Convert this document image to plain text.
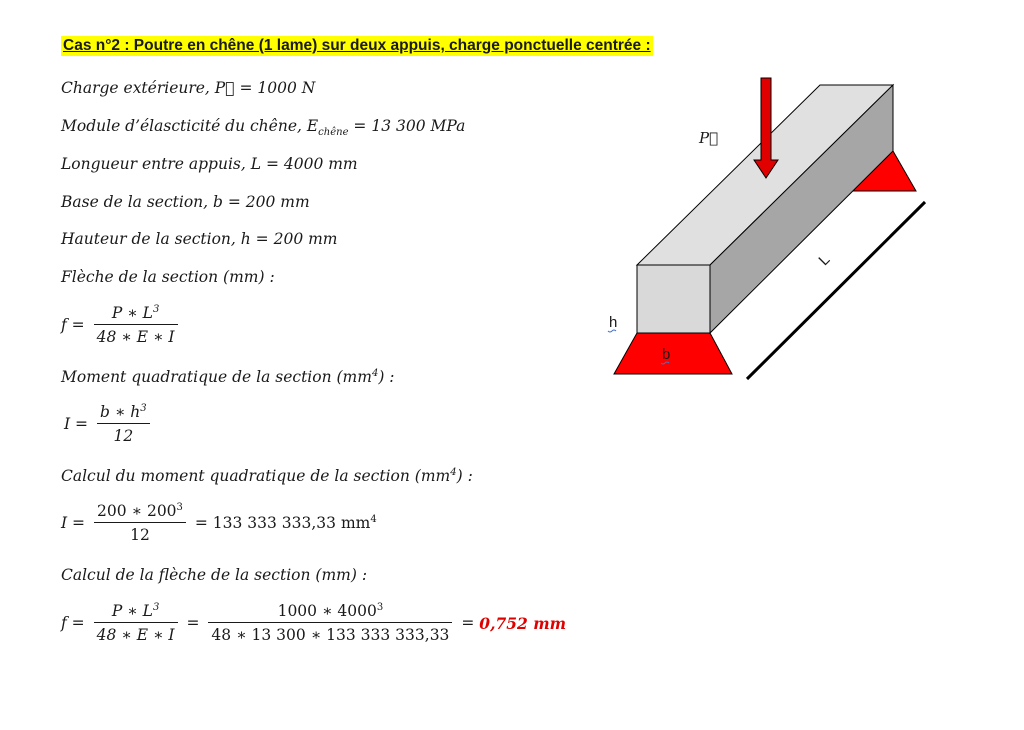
Cas n°2 : Poutre en chêne (1 lame) sur deux appuis, charge ponctuelle centrée :
Charge extérieure, P⃗ = 1000 N
Module d’élascticité du chêne, $E_{chêne} = 13$ 300 MPa
Longueur entre appuis, L = 4000 mm
Base de la section, b = 200 mm
Hauteur de la section, h = 200 mm
Flèche de la section (mm) :
$f = \frac{P ∗ L^3}{48 ∗ E ∗ I}$
Moment quadratique de la section $(mm^4)$ :
$I = \frac{b ∗ h^3}{12}$
Calcul du moment quadratique de la section $(mm^4)$ :
$I = \frac{200 ∗ 200^3}{12} = 133$ 333 333,33 $mm^4$
Calcul de la flèche de la section (mm) :
$f = \frac{P ∗ L^3}{48 ∗ E ∗ I} = \frac{1000 ∗ 4000^3}{48 ∗ 13 300 ∗ 133 333 333,33} = 0,752$ mm
L
P⃗
h
b
